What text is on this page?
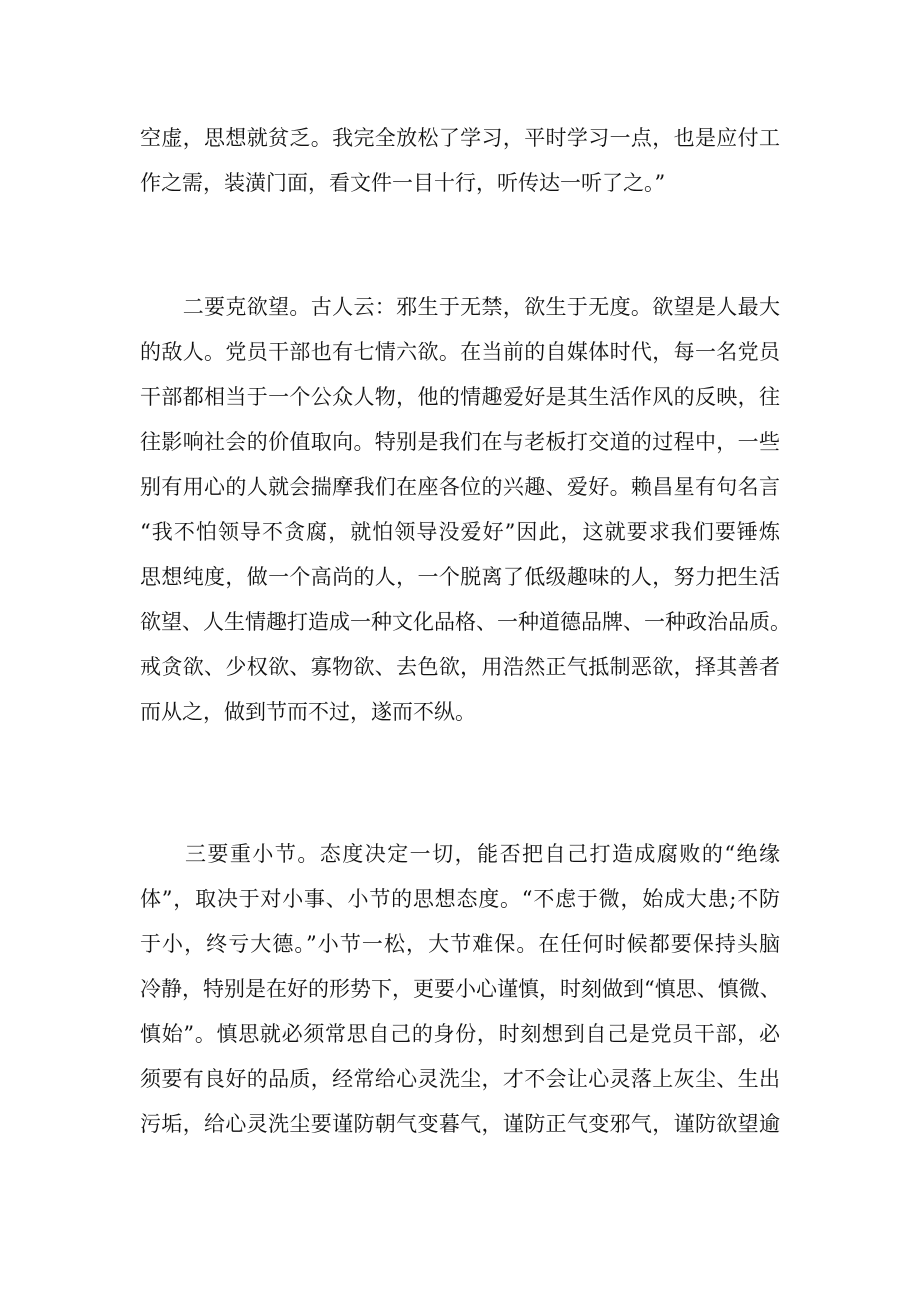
空虚，思想就贫乏。我完全放松了学习，平时学习一点，也是应付工
作之需，装潢门面，看文件一目十行，听传达一听了之。”
　　二要克欲望。古人云：邪生于无禁，欲生于无度。欲望是人最大
的敌人。党员干部也有七情六欲。在当前的自媒体时代，每一名党员
干部都相当于一个公众人物，他的情趣爱好是其生活作风的反映，往
往影响社会的价值取向。特别是我们在与老板打交道的过程中，一些
别有用心的人就会揣摩我们在座各位的兴趣、爱好。赖昌星有句名言
“我不怕领导不贪腐，就怕领导没爱好”因此，这就要求我们要锤炼
思想纯度，做一个高尚的人，一个脱离了低级趣味的人，努力把生活
欲望、人生情趣打造成一种文化品格、一种道德品牌、一种政治品质。
戒贪欲、少权欲、寡物欲、去色欲，用浩然正气抵制恶欲，择其善者
而从之，做到节而不过，遂而不纵。
　　三要重小节。态度决定一切，能否把自己打造成腐败的“绝缘
体”，取决于对小事、小节的思想态度。“不虑于微，始成大患;不防
于小，终亏大德。”小节一松，大节难保。在任何时候都要保持头脑
冷静，特别是在好的形势下，更要小心谨慎，时刻做到“慎思、慎微、
慎始”。慎思就必须常思自己的身份，时刻想到自己是党员干部，必
须要有良好的品质，经常给心灵洗尘，才不会让心灵落上灰尘、生出
污垢，给心灵洗尘要谨防朝气变暮气，谨防正气变邪气，谨防欲望逾
